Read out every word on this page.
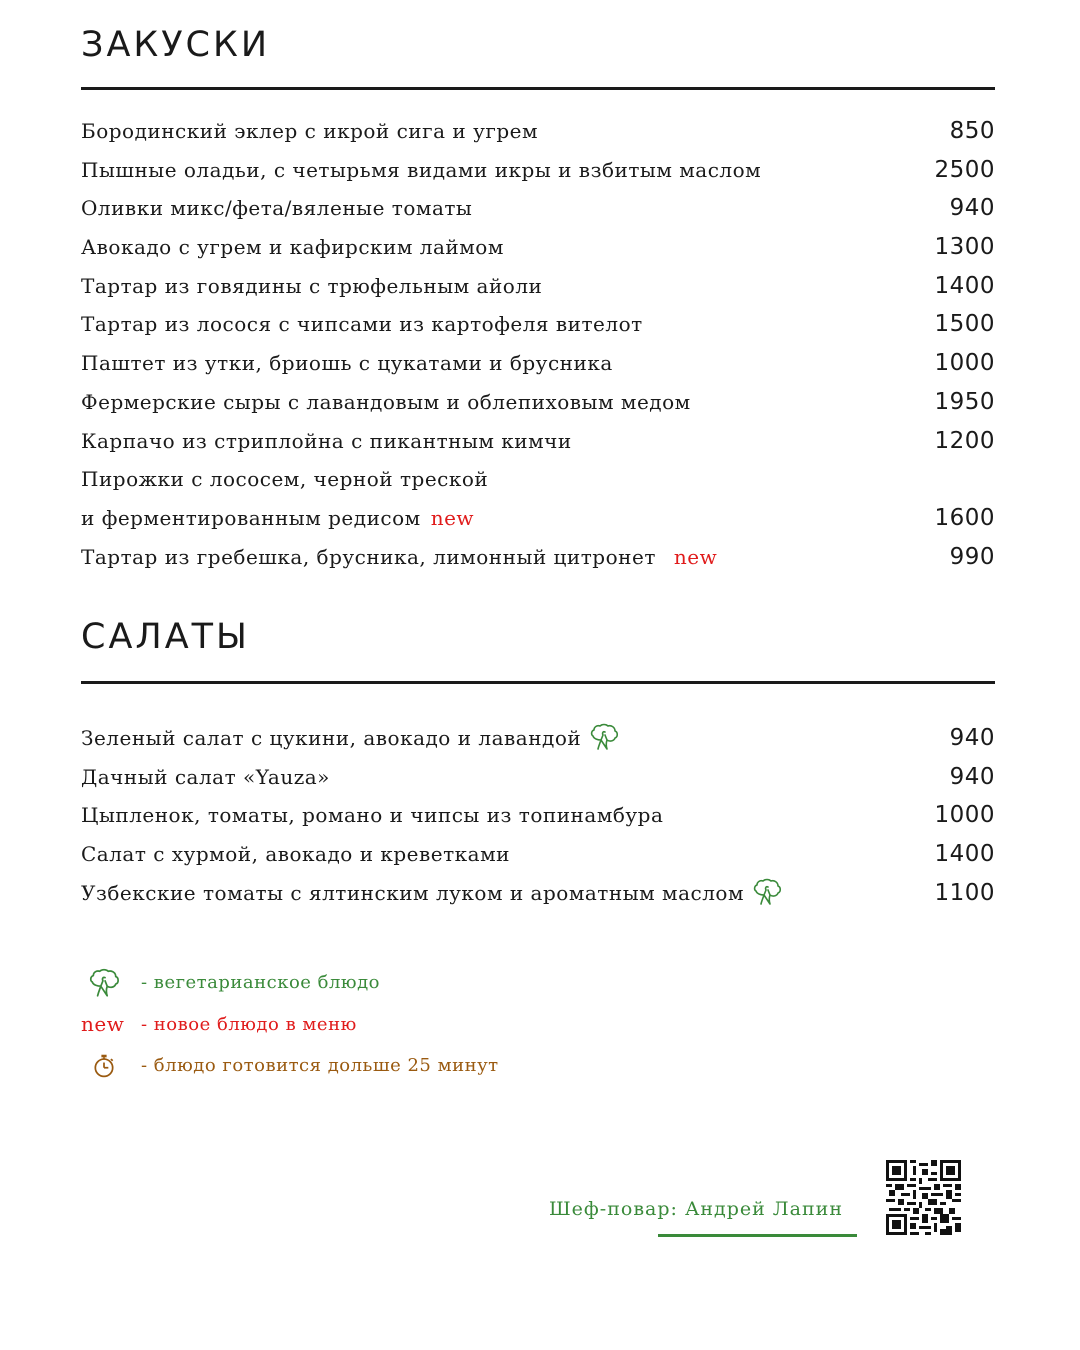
ЗАКУСКИ
Бородинский эклер с икрой сига и угрем	850
Пышные оладьи, с четырьмя видами икры и взбитым маслом	2500
Оливки микс/фета/вяленые томаты	940
Авокадо с угрем и кафирским лаймом	1300
Тартар из говядины с трюфельным айоли	1400
Тартар из лосося с чипсами из картофеля вителот	1500
Паштет из утки, бриошь с цукатами и брусника	1000
Фермерские сыры с лавандовым и облепиховым медом	1950
Карпачо из стриплойна с пикантным кимчи	1200
Пирожки с лососем, черной треской
и ферментированным редисом new	1600
Тартар из гребешка, брусника, лимонный цитронет new	990
САЛАТЫ
Зеленый салат с цукини, авокадо и лавандой	940
Дачный салат «Yauza»	940
Цыпленок, томаты, романо и чипсы из топинамбура	1000
Салат с хурмой, авокадо и креветками	1400
Узбекские томаты с ялтинским луком и ароматным маслом	1100
- вегетарианское блюдо
new - новое блюдо в меню
- блюдо готовится дольше 25 минут
Шеф-повар: Андрей Лапин
